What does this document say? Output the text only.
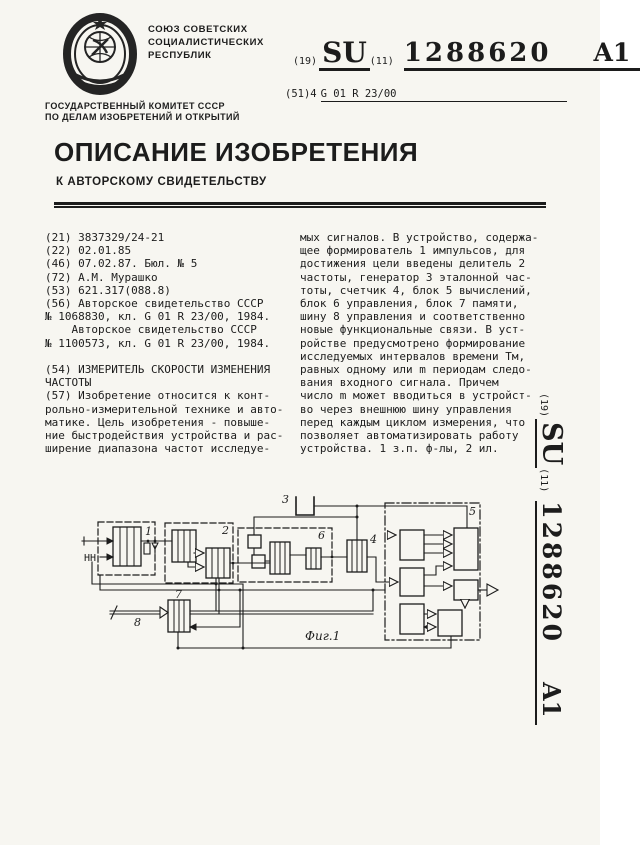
СОЮЗ СОВЕТСКИХ
СОЦИАЛИСТИЧЕСКИХ
РЕСПУБЛИК
(19) SU (11) 1288620 A1
(51)4 G 01 R 23/00
ГОСУДАРСТВЕННЫЙ КОМИТЕТ СССР
ПО ДЕЛАМ ИЗОБРЕТЕНИЙ И ОТКРЫТИЙ
ОПИСАНИЕ ИЗОБРЕТЕНИЯ
К АВТОРСКОМУ СВИДЕТЕЛЬСТВУ
(21) 3837329/24-21
(22) 02.01.85
(46) 07.02.87. Бюл. № 5
(72) А.М. Мурашко
(53) 621.317(088.8)
(56) Авторское свидетельство СССР
№ 1068830, кл. G 01 R 23/00, 1984.
Авторское свидетельство СССР
№ 1100573, кл. G 01 R 23/00, 1984.
(54) ИЗМЕРИТЕЛЬ СКОРОСТИ ИЗМЕНЕНИЯ
ЧАСТОТЫ
(57) Изобретение относится к конт-
рольно-измерительной технике и авто-
матике. Цель изобретения - повыше-
ние быстродействия устройства и рас-
ширение диапазона частот исследуе-
мых сигналов. В устройство, содержа-
щее формирователь 1 импульсов, для
достижения цели введены делитель 2
частоты, генератор 3 эталонной час-
тоты, счетчик 4, блок 5 вычислений,
блок 6 управления, блок 7 памяти,
шину 8 управления и соответственно
новые функциональные связи. В уст-
ройстве предусмотрено формирование
исследуемых интервалов времени Тм,
равных одному или m периодам следо-
вания входного сигнала. Причем
число m может вводиться в устройст-
во через внешнюю шину управления
перед каждым циклом измерения, что
позволяет автоматизировать работу
устройства. 1 з.п. ф-лы, 2 ил.
1	2
3
4
5
6
7
8
НН
Фиг.1
(19)
SU
(11)
1288620
A1
